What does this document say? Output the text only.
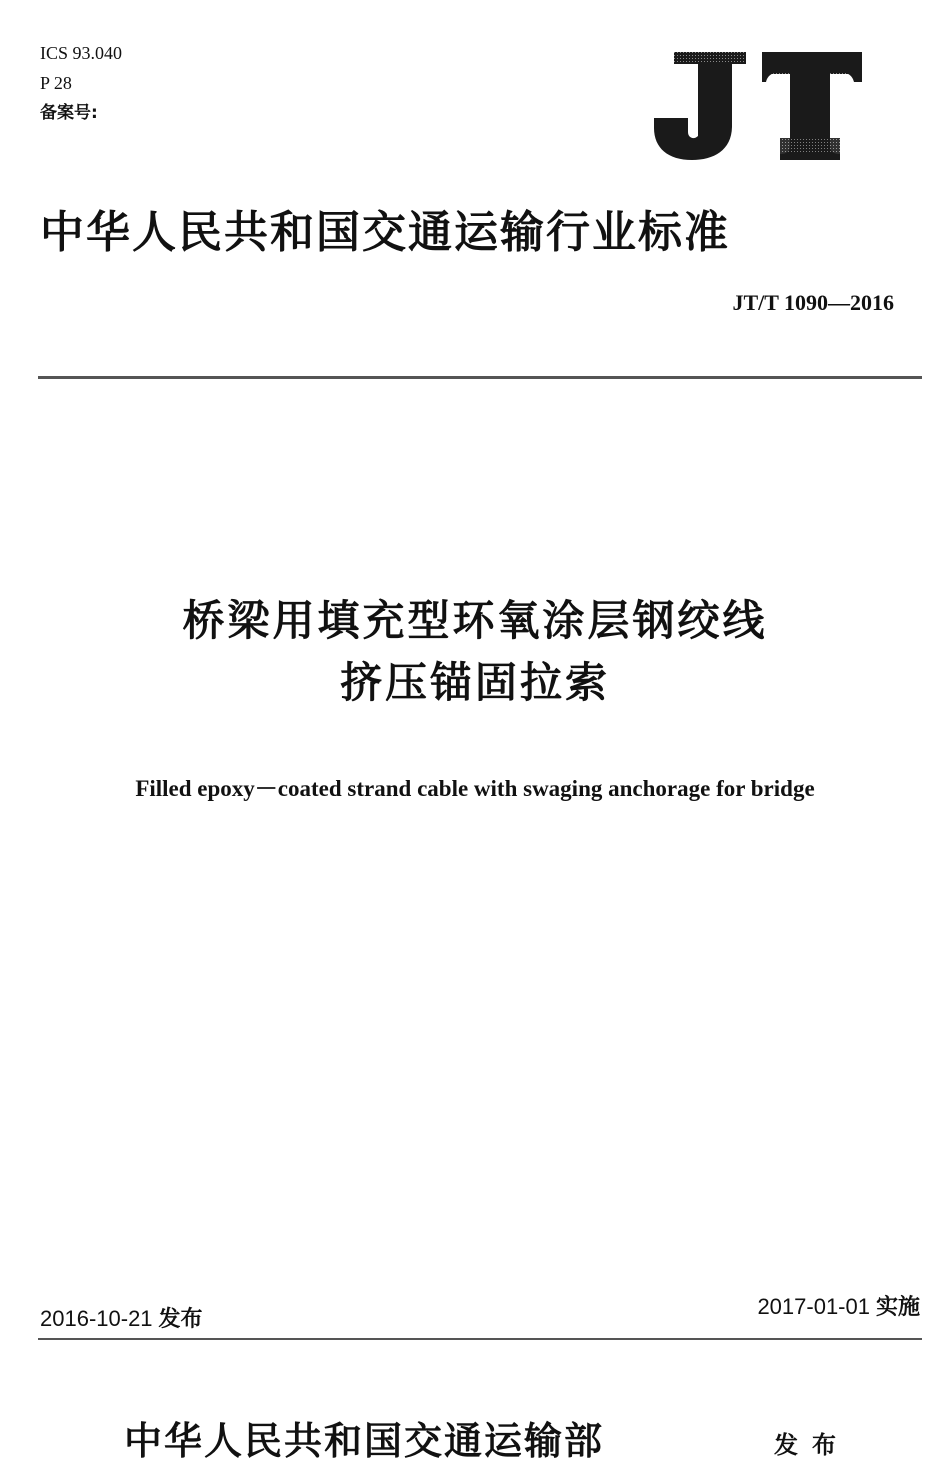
ICS 93.040
P 28
备案号:
中华人民共和国交通运输行业标准
JT/T 1090—2016
桥梁用填充型环氧涂层钢绞线
挤压锚固拉索
Filled epoxy－coated strand cable with swaging anchorage for bridge
2016-10-21 发布
2017-01-01 实施
中华人民共和国交通运输部	发布
